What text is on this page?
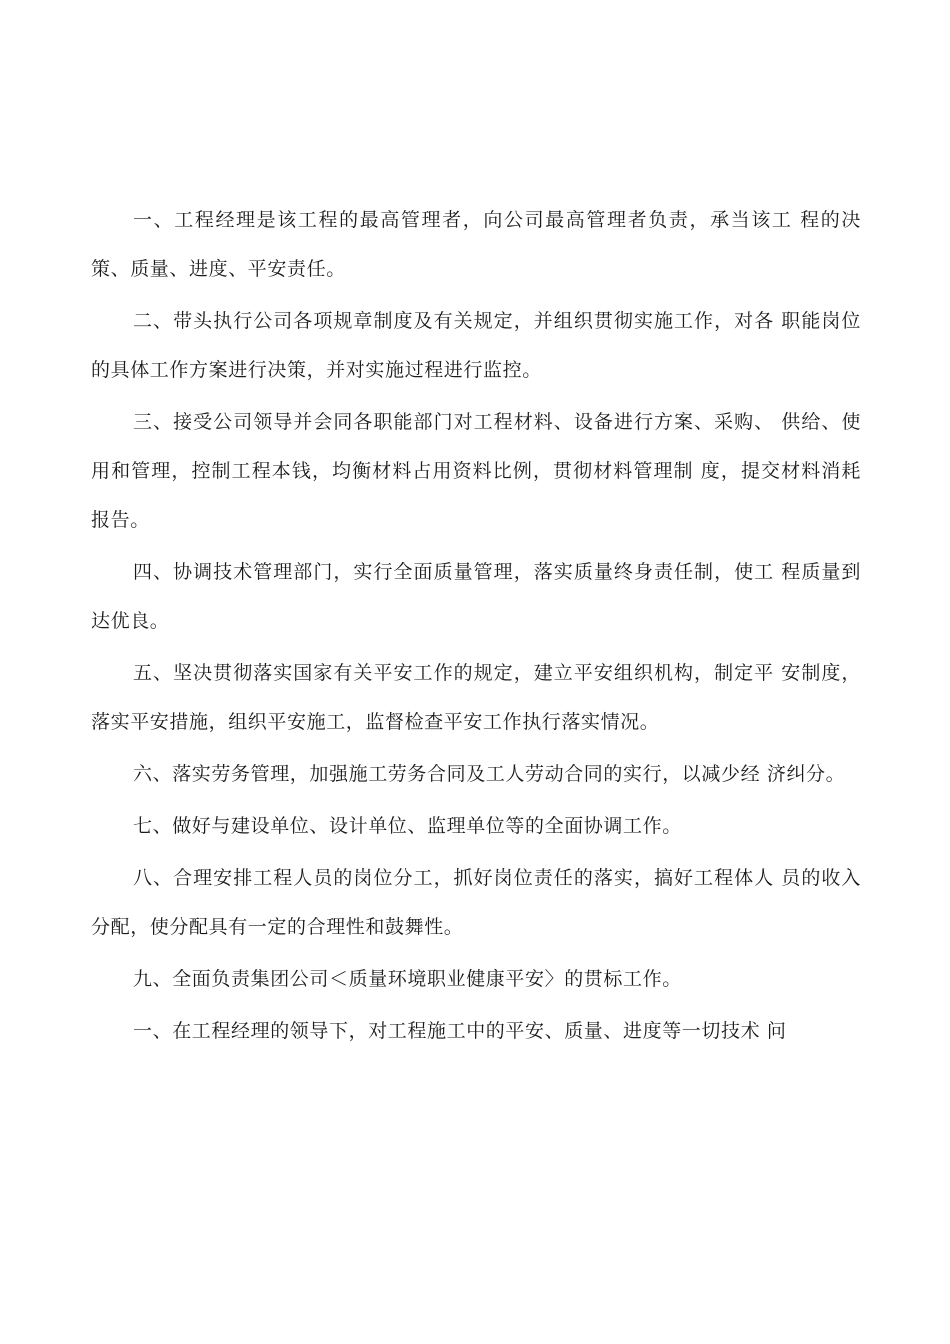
一、工程经理是该工程的最高管理者，向公司最高管理者负责，承当该工 程的决策、质量、进度、平安责任。

二、带头执行公司各项规章制度及有关规定，并组织贯彻实施工作，对各 职能岗位的具体工作方案进行决策，并对实施过程进行监控。

三、接受公司领导并会同各职能部门对工程材料、设备进行方案、采购、 供给、使用和管理，控制工程本钱，均衡材料占用资料比例，贯彻材料管理制 度，提交材料消耗报告。

四、协调技术管理部门，实行全面质量管理，落实质量终身责任制，使工 程质量到达优良。

五、坚决贯彻落实国家有关平安工作的规定，建立平安组织机构，制定平 安制度，落实平安措施，组织平安施工，监督检查平安工作执行落实情况。

六、落实劳务管理，加强施工劳务合同及工人劳动合同的实行，以减少经 济纠分。

七、做好与建设单位、设计单位、监理单位等的全面协调工作。

八、合理安排工程人员的岗位分工，抓好岗位责任的落实，搞好工程体人 员的收入分配，使分配具有一定的合理性和鼓舞性。

九、全面负责集团公司＜质量环境职业健康平安〉的贯标工作。

一、在工程经理的领导下，对工程施工中的平安、质量、进度等一切技术 问
